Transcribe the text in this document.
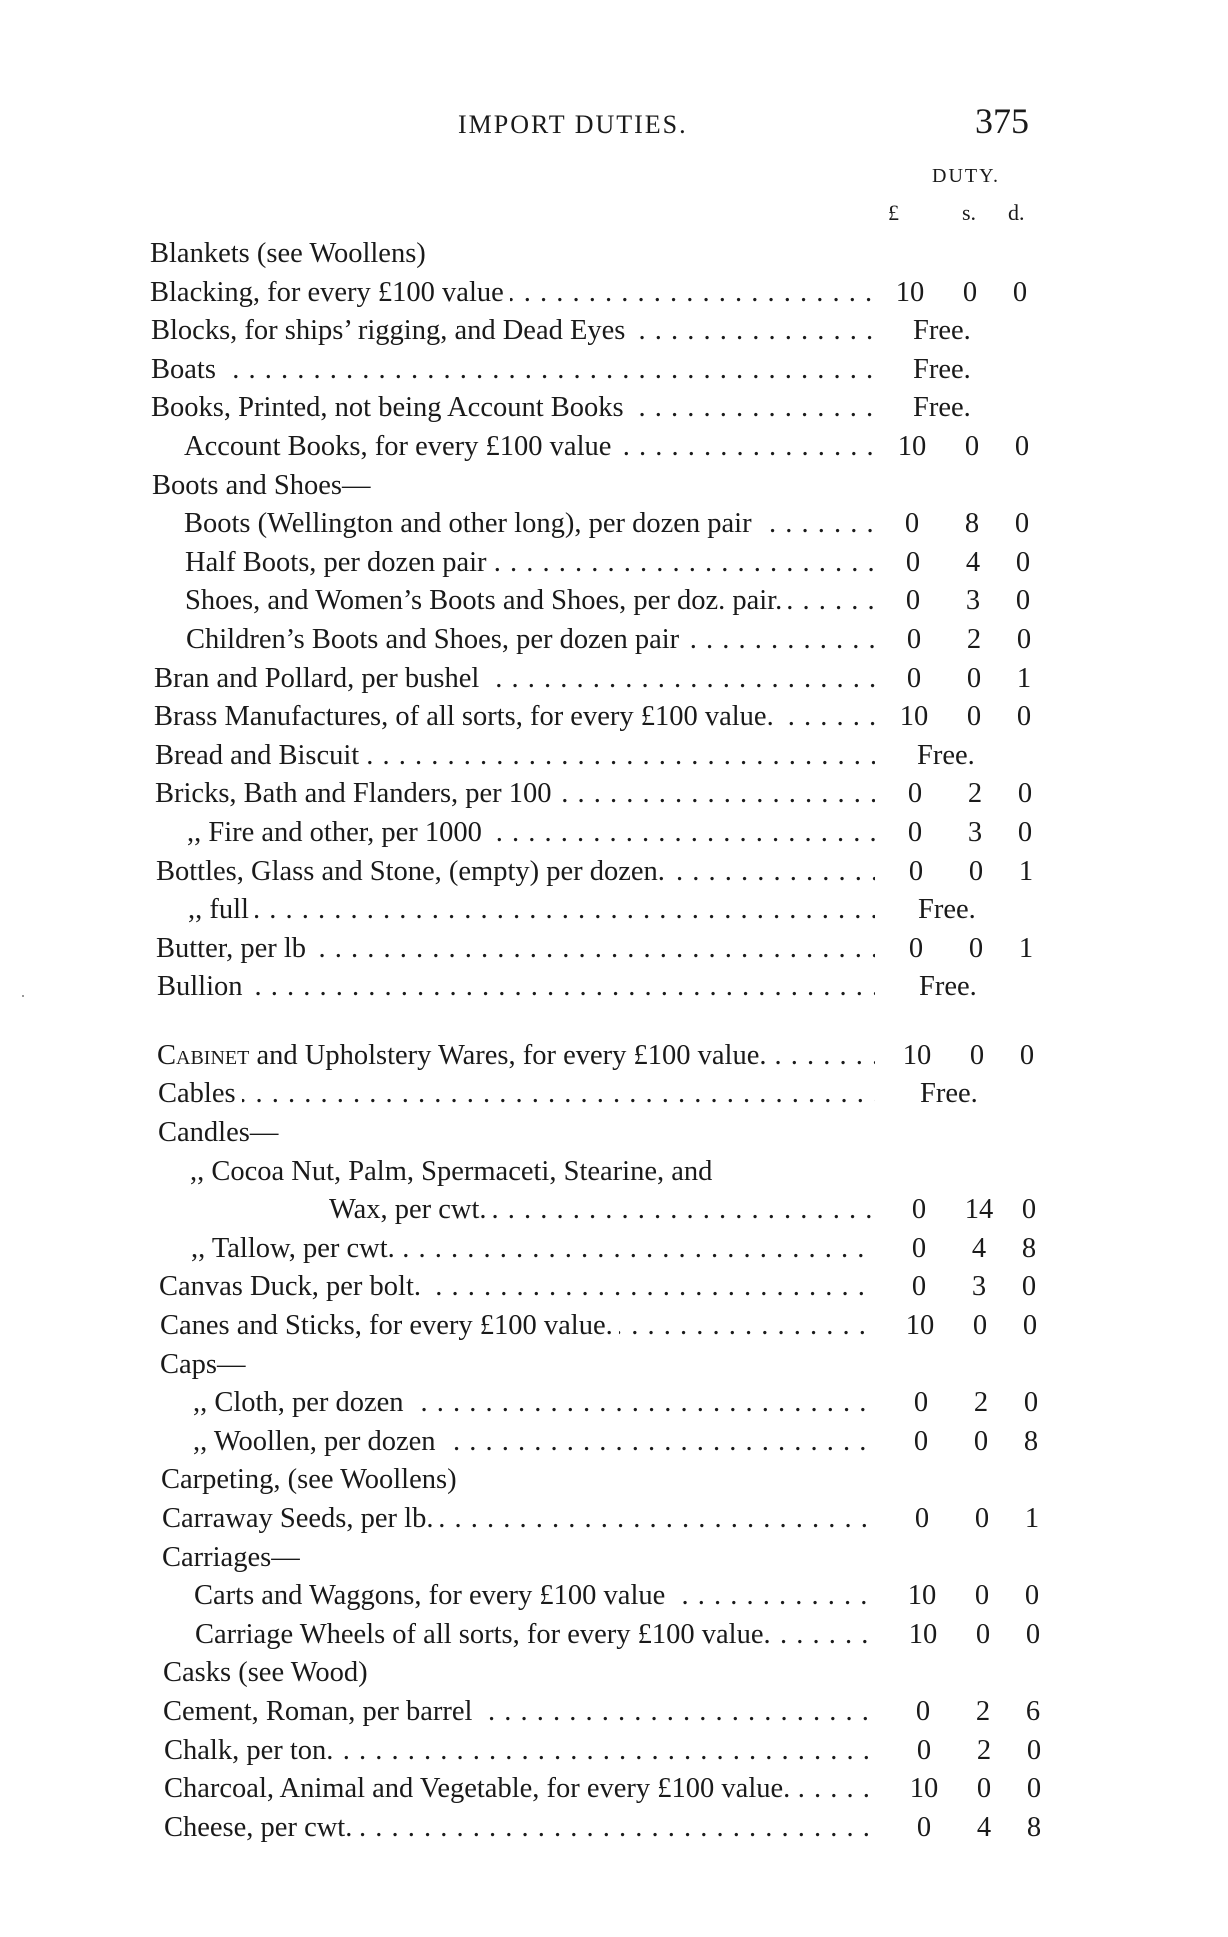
IMPORT DUTIES.	375
DUTY.
£	s. d.
Blankets (see Woollens)
Blacking, for every £100 value . . .	10	0	0
Blocks, for ships’ rigging, and Dead Eyes . . .	Free.
Boats . . .	Free.
Books, Printed, not being Account Books . . .	Free.
Account Books, for every £100 value . . .	10	0	0
Boots and Shoes—
Boots (Wellington and other long), per dozen pair . . .	0	8	0
Half Boots, per dozen pair . . .	0	4	0
Shoes, and Women’s Boots and Shoes, per doz. pair. . . .	0	3	0
Children’s Boots and Shoes, per dozen pair . . .	0	2	0
Bran and Pollard, per bushel . . .	0	0	1
Brass Manufactures, of all sorts, for every £100 value. . . .	10	0	0
Bread and Biscuit . . .	Free.
Bricks, Bath and Flanders, per 100 . . .	0	2	0
,, Fire and other, per 1000 . . .	0	3	0
Bottles, Glass and Stone, (empty) per dozen. . . .	0	0	1
,, full . . .	Free.
Butter, per lb . . .	0	0	1
Bullion . . .	Free.
Cabinet and Upholstery Wares, for every £100 value. . . .	10	0	0
Cables . . .	Free.
Candles—
,, Cocoa Nut, Palm, Spermaceti, Stearine, and
Wax, per cwt. . . .	0	14	0
,, Tallow, per cwt. . . .	0	4	8
Canvas Duck, per bolt. . . .	0	3	0
Canes and Sticks, for every £100 value. . . .	10	0	0
Caps—
,, Cloth, per dozen . . .	0	2	0
,, Woollen, per dozen . . .	0	0	8
Carpeting, (see Woollens)
Carraway Seeds, per lb. . . .	0	0	1
Carriages—
Carts and Waggons, for every £100 value . . .	10	0	0
Carriage Wheels of all sorts, for every £100 value. . . .	10	0	0
Casks (see Wood)
Cement, Roman, per barrel . . .	0	2	6
Chalk, per ton. . . .	0	2	0
Charcoal, Animal and Vegetable, for every £100 value. . . .	10	0	0
Cheese, per cwt. . . .	0	4	8
